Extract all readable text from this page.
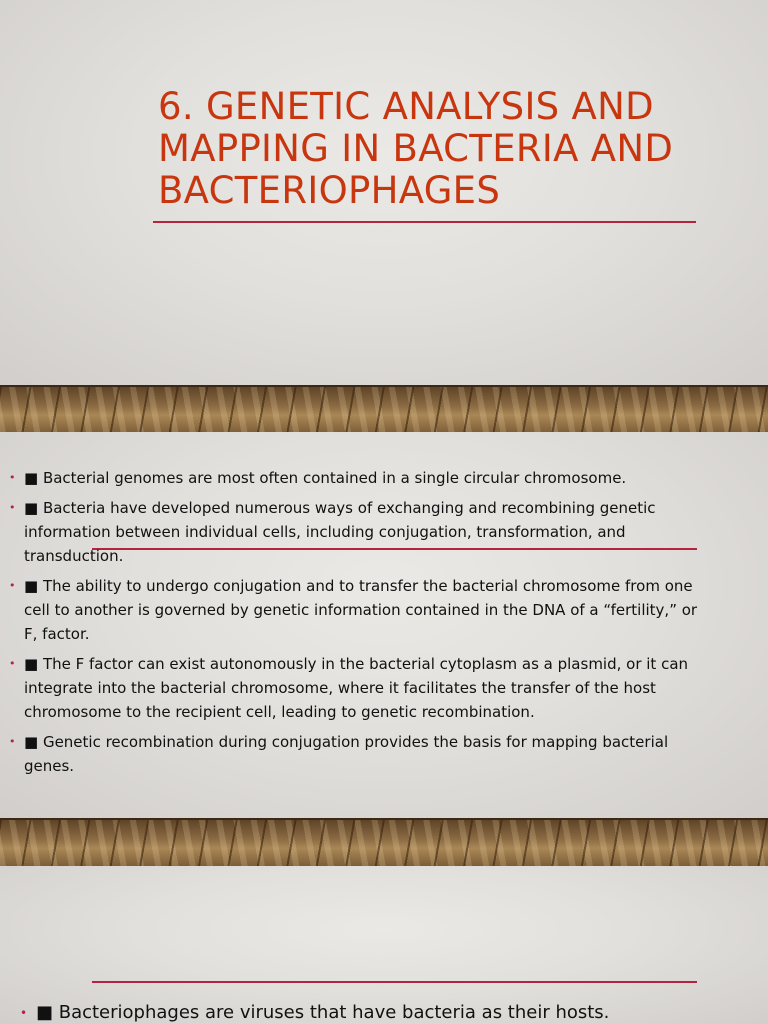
6. GENETIC ANALYSIS AND MAPPING IN BACTERIA AND BACTERIOPHAGES
• ■ Bacterial genomes are most often contained in a single circular chromosome.
• ■ Bacteria have developed numerous ways of exchanging and recombining genetic information between individual cells, including conjugation, transformation, and transduction.
• ■ The ability to undergo conjugation and to transfer the bacterial chromosome from one cell to another is governed by genetic information contained in the DNA of a “fertility,” or F, factor.
• ■ The F factor can exist autonomously in the bacterial cytoplasm as a plasmid, or it can integrate into the bacterial chromosome, where it facilitates the transfer of the host chromosome to the recipient cell, leading to genetic recombination.
• ■ Genetic recombination during conjugation provides the basis for mapping bacterial genes.
• ■ Bacteriophages are viruses that have bacteria as their hosts.
